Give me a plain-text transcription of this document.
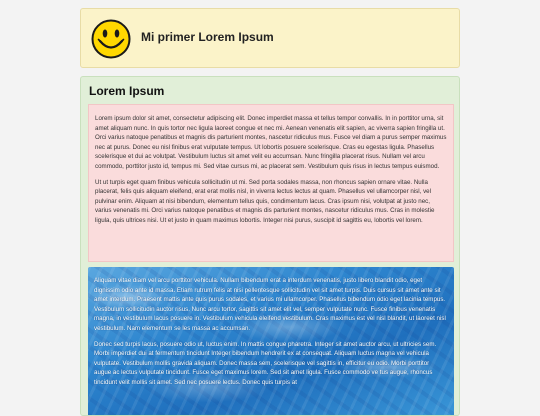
Mi primer Lorem Ipsum
Lorem Ipsum

Lorem ipsum dolor sit amet, consectetur adipiscing elit. Donec imperdiet massa et tellus tempor convallis. In in porttitor urna, sit amet aliquam nunc. In quis tortor nec ligula laoreet congue et nec mi. Aenean venenatis elit sapien, ac viverra sapien fringilla ut. Orci varius natoque penatibus et magnis dis parturient montes, nascetur ridiculus mus. Fusce vel diam a purus semper maximus nec at purus. Donec eu nisl finibus erat vulputate tempus. Ut lobortis posuere scelerisque. Cras eu egestas ligula. Phasellus scelerisque et dui ac volutpat. Vestibulum luctus sit amet velit eu accumsan. Nunc fringilla placerat risus. Nullam vel arcu commodo, porttitor justo id, tempus mi. Sed vitae cursus mi, ac placerat sem. Vestibulum quis risus in lectus tempus euismod.

Ut ut turpis eget quam finibus vehicula sollicitudin ut mi. Sed porta sodales massa, non rhoncus sapien ornare vitae. Nulla placerat, felis quis aliquam eleifend, erat erat mollis nisl, in viverra lectus lectus at quam. Phasellus vel ullamcorper nisl, vel pulvinar enim. Aliquam at nisi bibendum, elementum tellus quis, condimentum lacus. Cras ipsum nisi, volutpat at justo nec, varius venenatis mi. Orci varius natoque penatibus et magnis dis parturient montes, nascetur ridiculus mus. Cras in molestie ligula, quis ultrices nisi. Ut et justo in quam maximus lobortis. Integer nisi purus, suscipit id sagittis eu, lobortis vel lorem.

Aliquam vitae diam vel arcu porttitor vehicula. Nullam bibendum erat a interdum venenatis, justo libero blandit odio, eget dignissim odio ante id massa. Etiam rutrum felis at nisi pellentesque sollicitudin vel sit amet turpis. Duis cursus sit amet ante sit amet interdum. Praesent mattis ante quis purus sodales, et varius mi ullamcorper. Phasellus bibendum odio eget lacinia tempus. Vestibulum sollicitudin auctor risus. Nunc arcu tortor, sagittis sit amet elit vel, semper vulputate nunc. Fusce finibus venenatis magna, in vestibulum lacus posuere in. Vestibulum vehicula eleifend vestibulum. Cras maximus est vel nisl blandit, ut laoreet nisl vestibulum. Nam elementum se les massa ac accumsan.

Donec sed turpis lacus, posuere odio ut, luctus enim. In mattis congue pharetra. Integer sit amet auctor arcu, ut ultricies sem. Morbi imperdiet dui at fermentum tincidunt Integer bibendum hendrerit ex at consequat. Aliquam luctus magna vel vehicula vulputate. Vestibulum mollis gravida aliquam. Donec massa sem, scelerisque vel sagittis in, efficitur eu odio. Morbi porttitor augue ac lectus vulputate tincidunt. Fusce eget maximus lorem. Sed sit amet ligula. Fusce commodo ve tus augue, rhoncus tincidunt velit mollis sit amet. Sed nec posuere lectus. Donec quis turpis at
